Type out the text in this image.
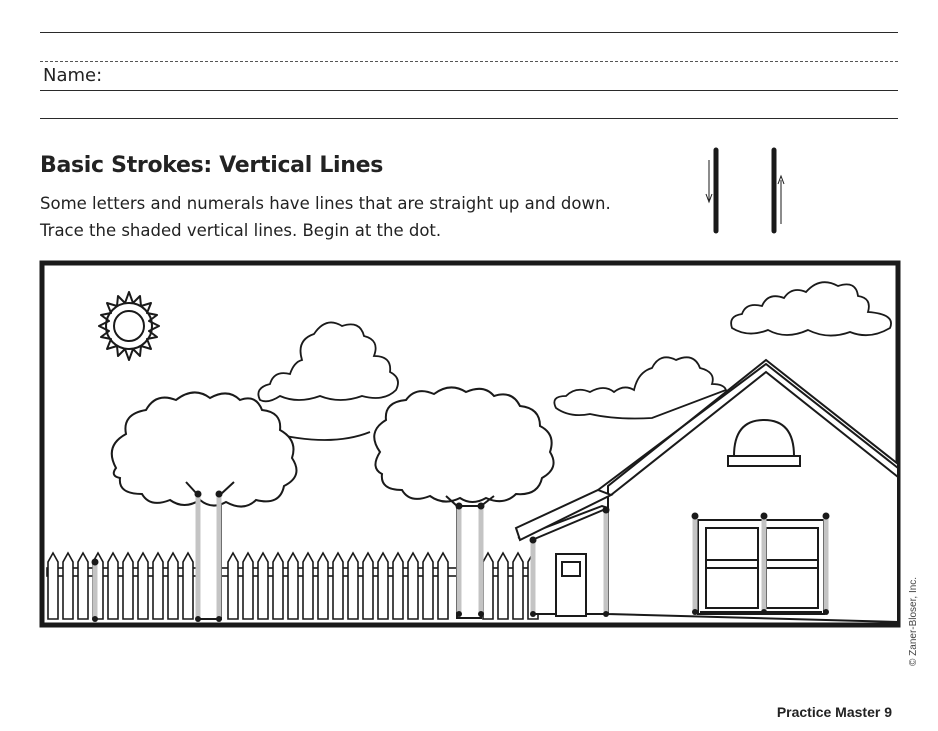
Name:
Basic Strokes: Vertical Lines

Some letters and numerals have lines that are straight up and down.

Trace the shaded vertical lines. Begin at the dot.

Practice Master 9
© Zaner-Bloser, Inc.
